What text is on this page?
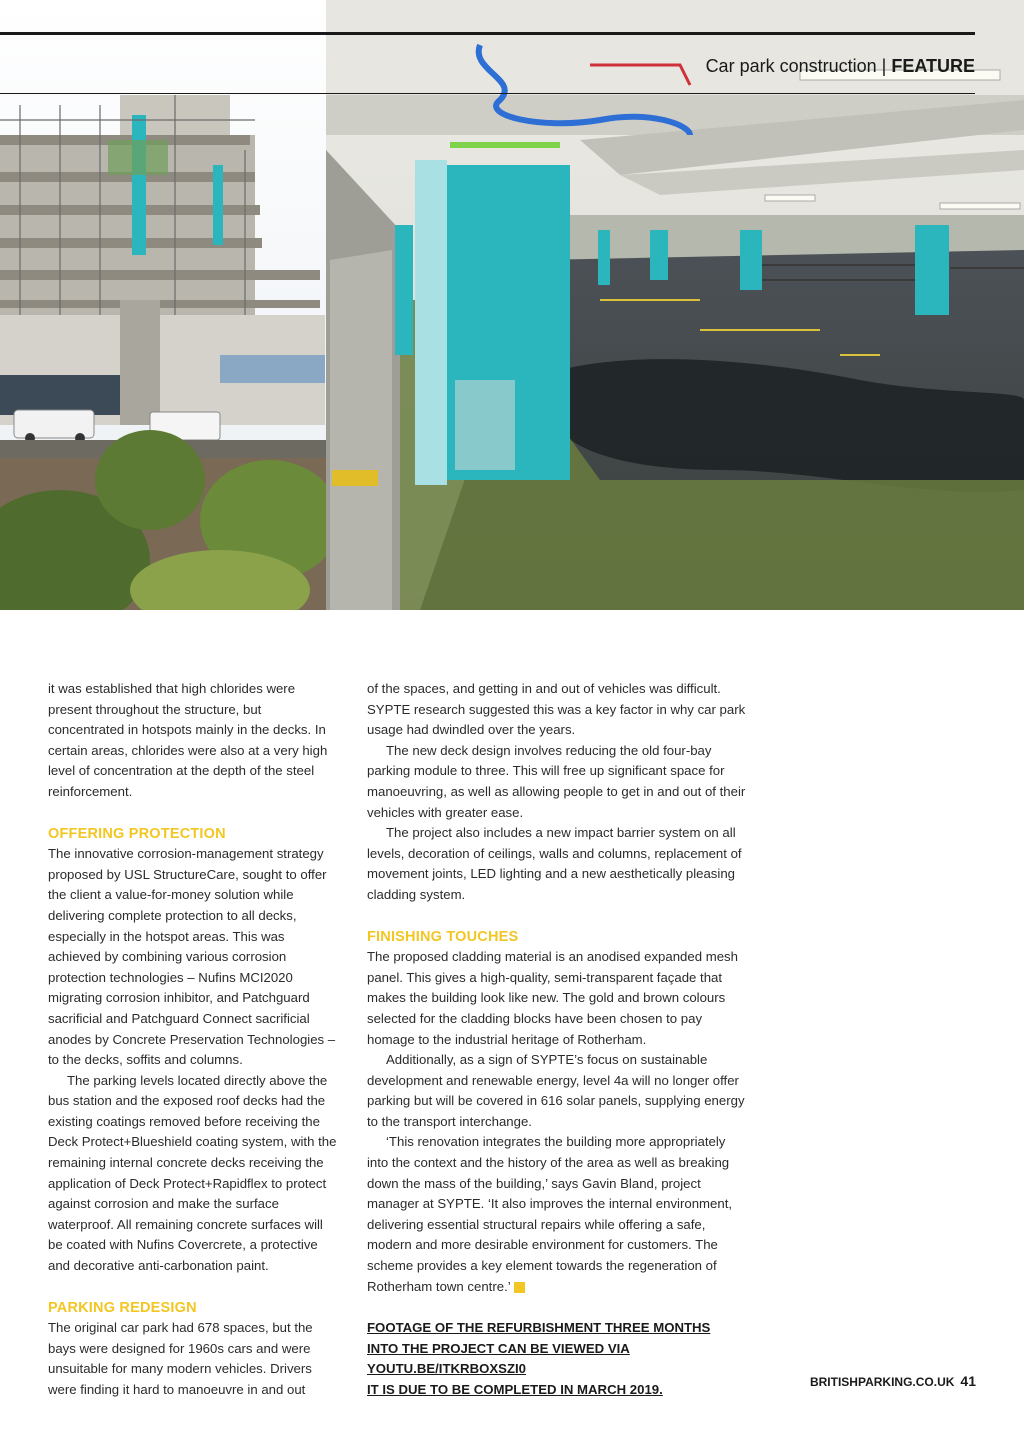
Car park construction | FEATURE

it was established that high chlorides were present throughout the structure, but concentrated in hotspots mainly in the decks. In certain areas, chlorides were also at a very high level of concentration at the depth of the steel reinforcement.

OFFERING PROTECTION

The innovative corrosion-management strategy proposed by USL StructureCare, sought to offer the client a value-for-money solution while delivering complete protection to all decks, especially in the hotspot areas. This was achieved by combining various corrosion protection technologies – Nufins MCI2020 migrating corrosion inhibitor, and Patchguard sacrificial and Patchguard Connect sacrificial anodes by Concrete Preservation Technologies – to the decks, soffits and columns.

The parking levels located directly above the bus station and the exposed roof decks had the existing coatings removed before receiving the Deck Protect+Blueshield coating system, with the remaining internal concrete decks receiving the application of Deck Protect+Rapidflex to protect against corrosion and make the surface waterproof. All remaining concrete surfaces will be coated with Nufins Covercrete, a protective and decorative anti-carbonation paint.

PARKING REDESIGN

The original car park had 678 spaces, but the bays were designed for 1960s cars and were unsuitable for many modern vehicles. Drivers were finding it hard to manoeuvre in and out

of the spaces, and getting in and out of vehicles was difficult. SYPTE research suggested this was a key factor in why car park usage had dwindled over the years.

The new deck design involves reducing the old four-bay parking module to three. This will free up significant space for manoeuvring, as well as allowing people to get in and out of their vehicles with greater ease.

The project also includes a new impact barrier system on all levels, decoration of ceilings, walls and columns, replacement of movement joints, LED lighting and a new aesthetically pleasing cladding system.

FINISHING TOUCHES

The proposed cladding material is an anodised expanded mesh panel. This gives a high-quality, semi-transparent façade that makes the building look like new. The gold and brown colours selected for the cladding blocks have been chosen to pay homage to the industrial heritage of Rotherham.

Additionally, as a sign of SYPTE’s focus on sustainable development and renewable energy, level 4a will no longer offer parking but will be covered in 616 solar panels, supplying energy to the transport interchange.

‘This renovation integrates the building more appropriately into the context and the history of the area as well as breaking down the mass of the building,’ says Gavin Bland, project manager at SYPTE. ‘It also improves the internal environment, delivering essential structural repairs while offering a safe, modern and more desirable environment for customers. The scheme provides a key element towards the regeneration of Rotherham town centre.’ P

FOOTAGE OF THE REFURBISHMENT THREE MONTHS
INTO THE PROJECT CAN BE VIEWED VIA
YOUTU.BE/ITKRBOXSZI0
IT IS DUE TO BE COMPLETED IN MARCH 2019.	BRITISHPARKING.CO.UK 41
